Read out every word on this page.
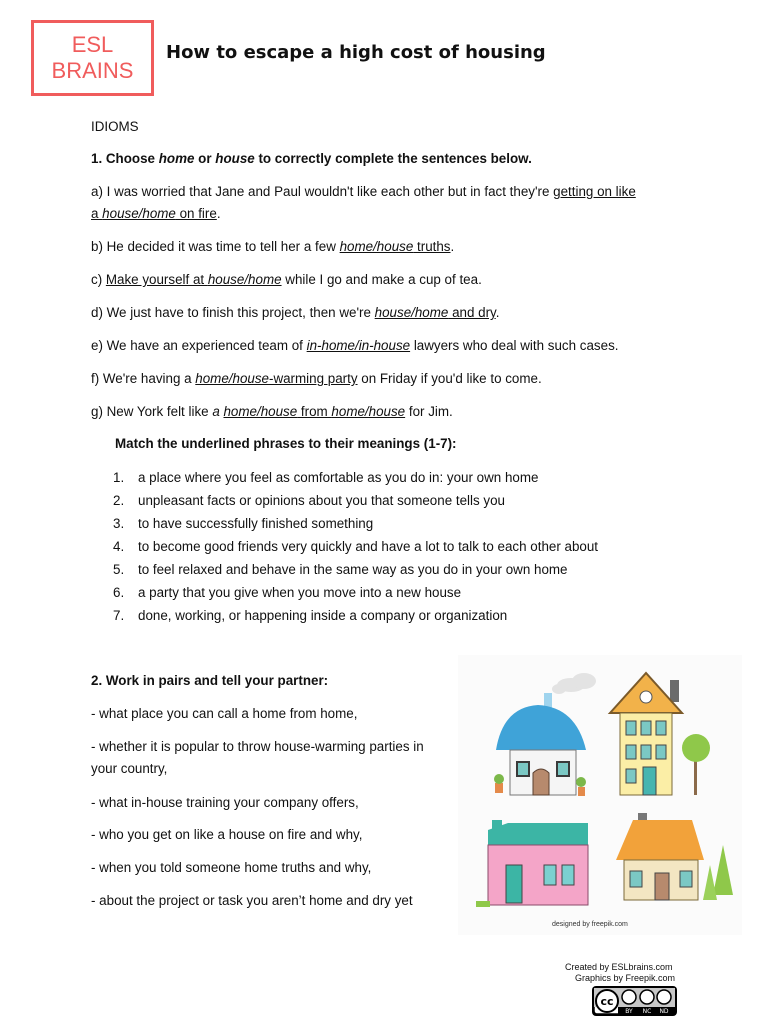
ESL
BRAINS
How to escape a high cost of housing
IDIOMS
1. Choose home or house to correctly complete the sentences below.
a) I was worried that Jane and Paul wouldn't like each other but in fact they're getting on like
a house/home on fire.
b) He decided it was time to tell her a few home/house truths.
c) Make yourself at house/home while I go and make a cup of tea.
d) We just have to finish this project, then we're house/home and dry.
e) We have an experienced team of in-home/in-house lawyers who deal with such cases.
f) We're having a home/house-warming party on Friday if you'd like to come.
g) New York felt like a home/house from home/house for Jim.
Match the underlined phrases to their meanings (1-7):
1.	a place where you feel as comfortable as you do in: your own home
2.	unpleasant facts or opinions about you that someone tells you
3.	to have successfully finished something
4.	to become good friends very quickly and have a lot to talk to each other about
5.	to feel relaxed and behave in the same way as you do in your own home
6.	a party that you give when you move into a new house
7.	done, working, or happening inside a company or organization
2. Work in pairs and tell your partner:
- what place you can call a home from home,
- whether it is popular to throw house-warming parties in your country,
- what in-house training your company offers,
- who you get on like a house on fire and why,
- when you told someone home truths and why,
- about the project or task you aren’t home and dry yet
designed by freepik.com
Created by ESLbrains.com
Graphics by Freepik.com
cc
BY NC ND
